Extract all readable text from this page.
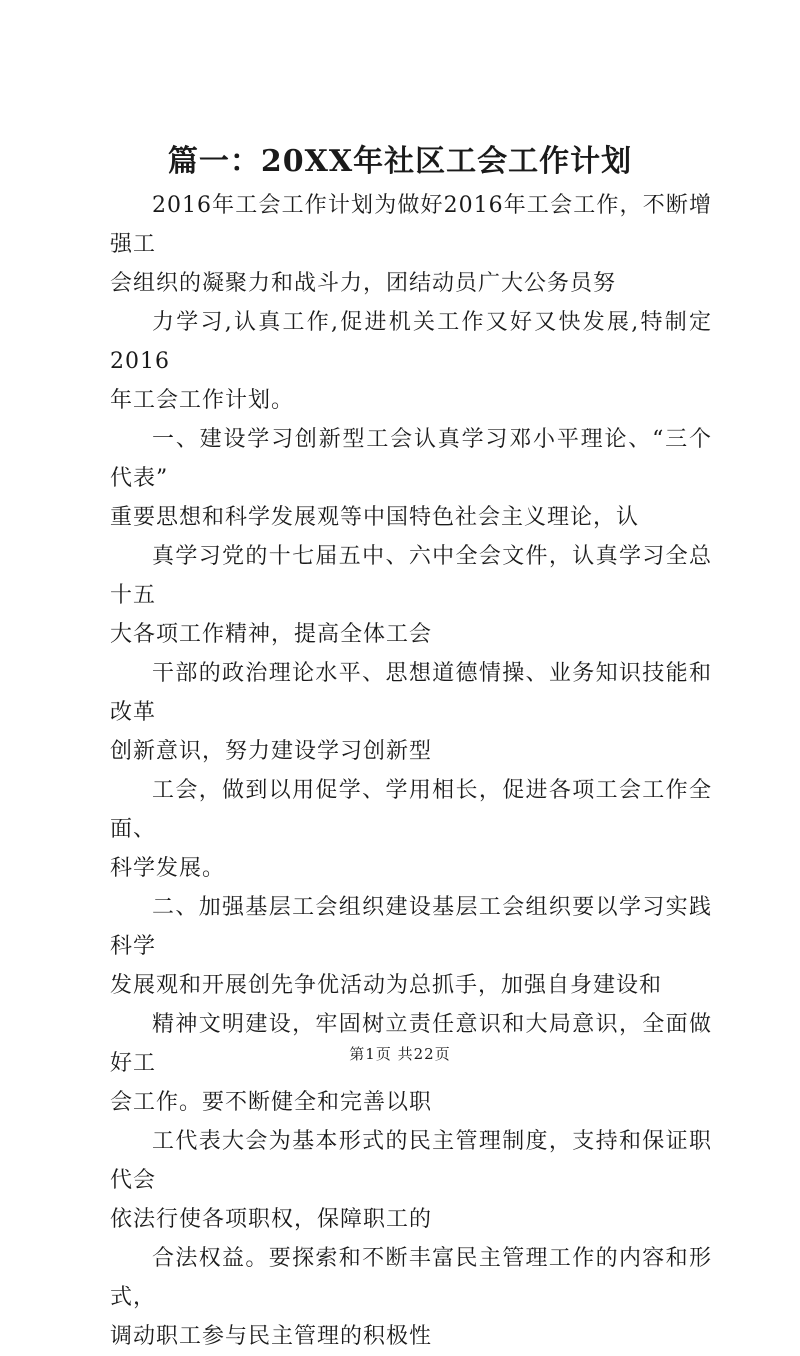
篇一：20XX年社区工会工作计划

2016年工会工作计划为做好2016年工会工作，不断增强工
会组织的凝聚力和战斗力，团结动员广大公务员努

力学习,认真工作,促进机关工作又好又快发展,特制定2016
年工会工作计划。

一、建设学习创新型工会认真学习邓小平理论、“三个代表”
重要思想和科学发展观等中国特色社会主义理论，认

真学习党的十七届五中、六中全会文件，认真学习全总十五
大各项工作精神，提高全体工会

干部的政治理论水平、思想道德情操、业务知识技能和改革
创新意识，努力建设学习创新型

工会，做到以用促学、学用相长，促进各项工会工作全面、
科学发展。

二、加强基层工会组织建设基层工会组织要以学习实践科学
发展观和开展创先争优活动为总抓手，加强自身建设和

精神文明建设，牢固树立责任意识和大局意识，全面做好工
会工作。要不断健全和完善以职

工代表大会为基本形式的民主管理制度，支持和保证职代会
依法行使各项职权，保障职工的

合法权益。要探索和不断丰富民主管理工作的内容和形式，
调动职工参与民主管理的积极性

第1页 共22页
